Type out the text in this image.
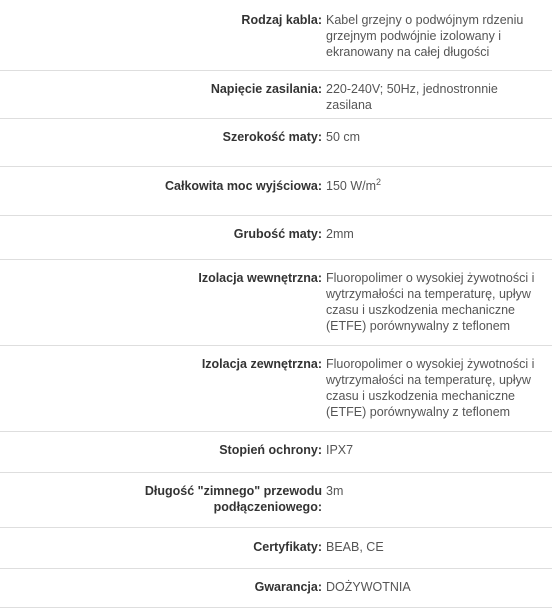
Rodzaj kabla:	Kabel grzejny o podwójnym rdzeniu grzejnym podwójnie izolowany i ekranowany na całej długości
Napięcie zasilania:	220-240V; 50Hz, jednostronnie zasilana
Szerokość maty:	50 cm
Całkowita moc wyjściowa:	150 $W/m^2$
Grubość maty:	2mm
Izolacja wewnętrzna:	Fluoropolimer o wysokiej żywotności i wytrzymałości na temperaturę, upływ czasu i uszkodzenia mechaniczne (ETFE) porównywalny z teflonem
Izolacja zewnętrzna:	Fluoropolimer o wysokiej żywotności i wytrzymałości na temperaturę, upływ czasu i uszkodzenia mechaniczne (ETFE) porównywalny z teflonem
Stopień ochrony:	IPX7
Długość "zimnego" przewodu podłączeniowego:	3m
Certyfikaty:	BEAB, CE
Gwarancja:	DOŻYWOTNIA
